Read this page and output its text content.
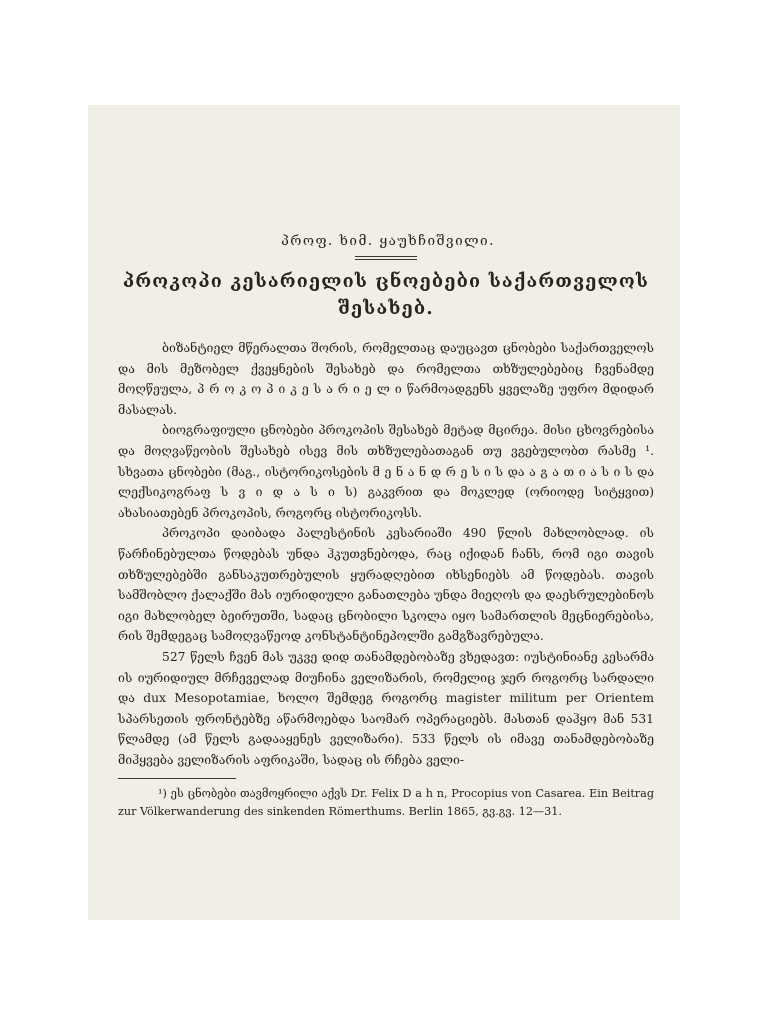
პროფ. ხიმ. ყაუხჩიშვილი.

პროკოპი კესარიელის ცნოებები საქართველოს შესახებ.

ბიზანტიელ მწერალთა შორის, რომელთაც დაუცავთ ცნობები საქართველოს და მის მეზობელ ქვეყნების შესახებ და რომელთა თხზულებებიც ჩვენამდე მოღწეულა, პ რ ო კ ო პ ი კ ე ს ა რ ი ე ლ ი წარმოადგენს ყველაზე უფრო მდიდარ მასალას.

ბიოგრაფიული ცნობები პროკოპის შესახებ მეტად მცირეა. მისი ცხოვრებისა და მოღვაწეობის შესახებ ისევ მის თხზულებათაგან თუ ვგებულობთ რასმე ¹. სხვათა ცნობები (მაგ., ისტორიკოსების მ ე ნ ა ნ დ რ ე ს ი ს და ა გ ა თ ი ა ს ი ს და ლექსიკოგრაფ ს ვ ი დ ა ს ი ს) გაკვრით და მოკლედ (ორიოდე სიტყვით) ახასიათებენ პროკოპის, როგორც ისტორიკოსს.

პროკოპი დაიბადა პალესტინის კესარიაში 490 წლის მახლობლად. ის წარჩინებულთა წოდებას უნდა ჰკუთვნებოდა, რაც იქიდან ჩანს, რომ იგი თავის თხზულებებში განსაკუთრებულის ყურადღებით იხსენიებს ამ წოდებას. თავის სამშობლო ქალაქში მას იურიდიული განათლება უნდა მიეღოს და დაესრულებინოს იგი მახლობელ ბეირუთში, სადაც ცნობილი სკოლა იყო სამართლის მეცნიერებისა, რის შემდეგაც სამოღვაწეოდ კონსტანტინეპოლში გამგზავრებულა.

527 წელს ჩვენ მას უკვე დიდ თანამდებობაზე ვხედავთ: იუსტინიანე კესარმა ის იურიდიულ მრჩეველად მიუჩინა ველიზარის, რომელიც ჯერ როგორც სარდალი და dux Mesopotamiae, ხოლო შემდეგ როგორც magister militum per Orientem სპარსეთის ფრონტებზე აწარმოებდა საომარ ოპერაციებს. მასთან დაჰყო მან 531 წლამდე (ამ წელს გადააყენეს ველიზარი). 533 წელს ის იმავე თანამდებობაზე მიჰყვება ველიზარის აფრიკაში, სადაც ის რჩება ველი-

¹) ეს ცნობები თავმოყრილი აქვს Dr. Felix D a h n, Procopius von Casarea. Ein Beitrag zur Völkerwanderung des sinkenden Römerthums. Berlin 1865, გვ.გვ. 12—31.
